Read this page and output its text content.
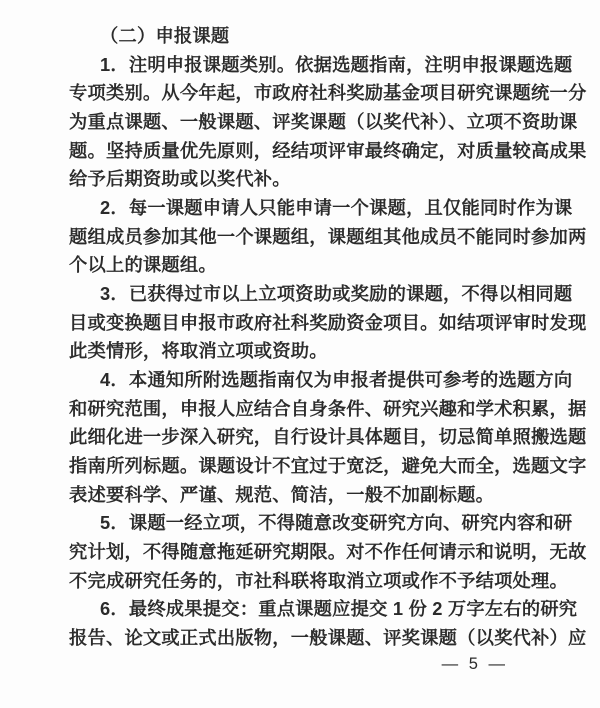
（二）申报课题
1．注明申报课题类别。依据选题指南，注明申报课题选题
专项类别。从今年起，市政府社科奖励基金项目研究课题统一分
为重点课题、一般课题、评奖课题（以奖代补）、立项不资助课
题。坚持质量优先原则，经结项评审最终确定，对质量较高成果
给予后期资助或以奖代补。
2．每一课题申请人只能申请一个课题，且仅能同时作为课
题组成员参加其他一个课题组，课题组其他成员不能同时参加两
个以上的课题组。
3．已获得过市以上立项资助或奖励的课题，不得以相同题
目或变换题目申报市政府社科奖励资金项目。如结项评审时发现
此类情形，将取消立项或资助。
4．本通知所附选题指南仅为申报者提供可参考的选题方向
和研究范围，申报人应结合自身条件、研究兴趣和学术积累，据
此细化进一步深入研究，自行设计具体题目，切忌简单照搬选题
指南所列标题。课题设计不宜过于宽泛，避免大而全，选题文字
表述要科学、严谨、规范、简洁，一般不加副标题。
5．课题一经立项，不得随意改变研究方向、研究内容和研
究计划，不得随意拖延研究期限。对不作任何请示和说明，无故
不完成研究任务的，市社科联将取消立项或作不予结项处理。
6．最终成果提交：重点课题应提交 1 份 2 万字左右的研究
报告、论文或正式出版物，一般课题、评奖课题（以奖代补）应
— 5 —
